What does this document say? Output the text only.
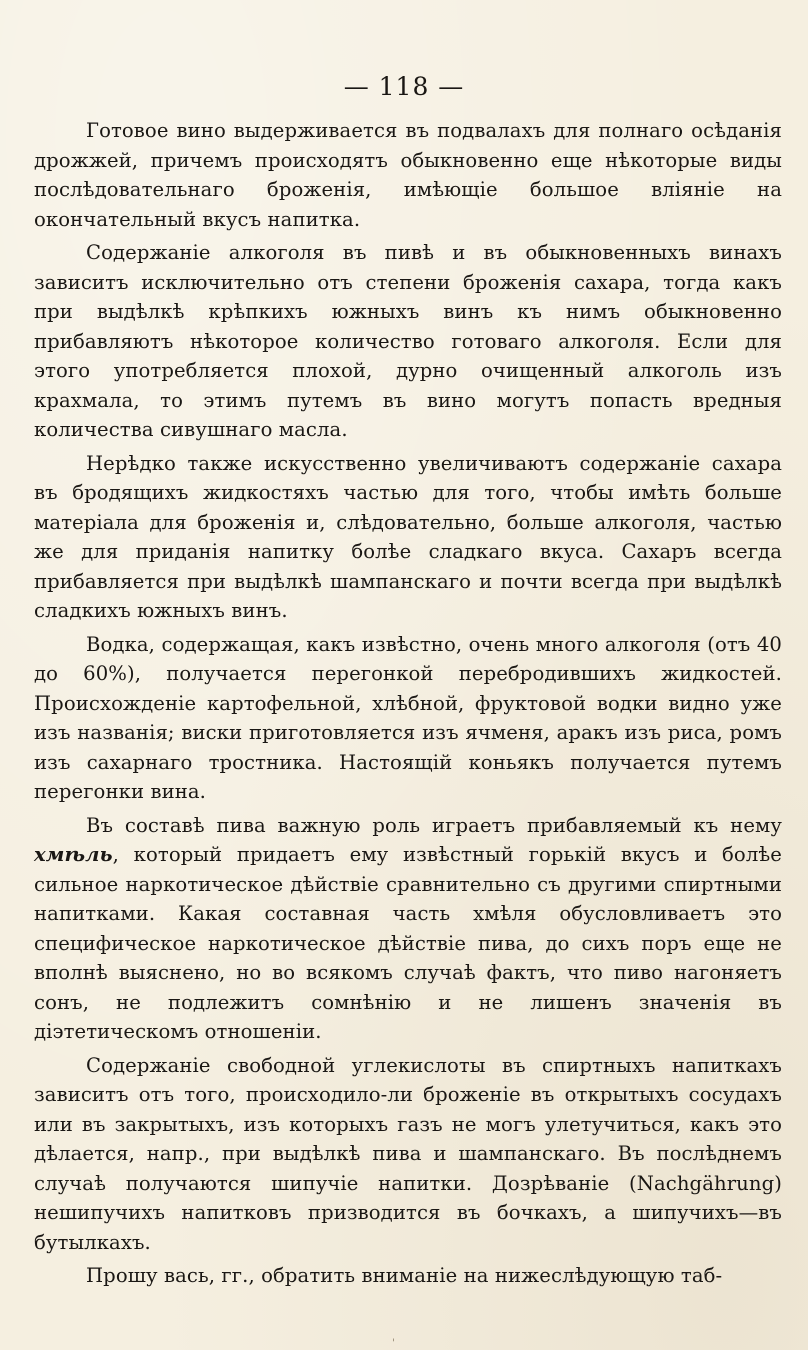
— 118 —

Готовое вино выдерживается въ подвалахъ для полнаго осѣданія дрожжей, причемъ происходятъ обыкновенно еще нѣкоторые виды послѣдовательнаго броженія, имѣющіе большое вліяніе на окончательный вкусъ напитка.

Содержаніе алкоголя въ пивѣ и въ обыкновенныхъ винахъ зависитъ исключительно отъ степени броженія сахара, тогда какъ при выдѣлкѣ крѣпкихъ южныхъ винъ къ нимъ обыкновенно прибавляютъ нѣкоторое количество готоваго алкоголя. Если для этого употребляется плохой, дурно очищенный алкоголь изъ крахмала, то этимъ путемъ въ вино могутъ попасть вредныя количества сивушнаго масла.

Нерѣдко также искусственно увеличиваютъ содержаніе сахара въ бродящихъ жидкостяхъ частью для того, чтобы имѣть больше матеріала для броженія и, слѣдовательно, больше алкоголя, частью же для приданія напитку болѣе сладкаго вкуса. Сахаръ всегда прибавляется при выдѣлкѣ шампанскаго и почти всегда при выдѣлкѣ сладкихъ южныхъ винъ.

Водка, содержащая, какъ извѣстно, очень много алкоголя (отъ 40 до 60%), получается перегонкой перебродившихъ жидкостей. Происхожденіе картофельной, хлѣбной, фруктовой водки видно уже изъ названія; виски приготовляется изъ ячменя, аракъ изъ риса, ромъ изъ сахарнаго тростника. Настоящій коньякъ получается путемъ перегонки вина.

Въ составѣ пива важную роль играетъ прибавляемый къ нему хмѣль, который придаетъ ему извѣстный горькій вкусъ и болѣе сильное наркотическое дѣйствіе сравнительно съ другими спиртными напитками. Какая составная часть хмѣля обусловливаетъ это специфическое наркотическое дѣйствіе пива, до сихъ поръ еще не вполнѣ выяснено, но во всякомъ случаѣ фактъ, что пиво нагоняетъ сонъ, не подлежитъ сомнѣнію и не лишенъ значенія въ діэтетическомъ отношеніи.

Содержаніе свободной углекислоты въ спиртныхъ напиткахъ зависитъ отъ того, происходило-ли броженіе въ открытыхъ сосудахъ или въ закрытыхъ, изъ которыхъ газъ не могъ улетучиться, какъ это дѣлается, напр., при выдѣлкѣ пива и шампанскаго. Въ послѣднемъ случаѣ получаются шипучіе напитки. Дозрѣваніе (Nachgährung) нешипучихъ напитковъ призводится въ бочкахъ, а шипучихъ—въ бутылкахъ.

Прошу вась, гг., обратить вниманіе на нижеслѣдующую таб-

'
